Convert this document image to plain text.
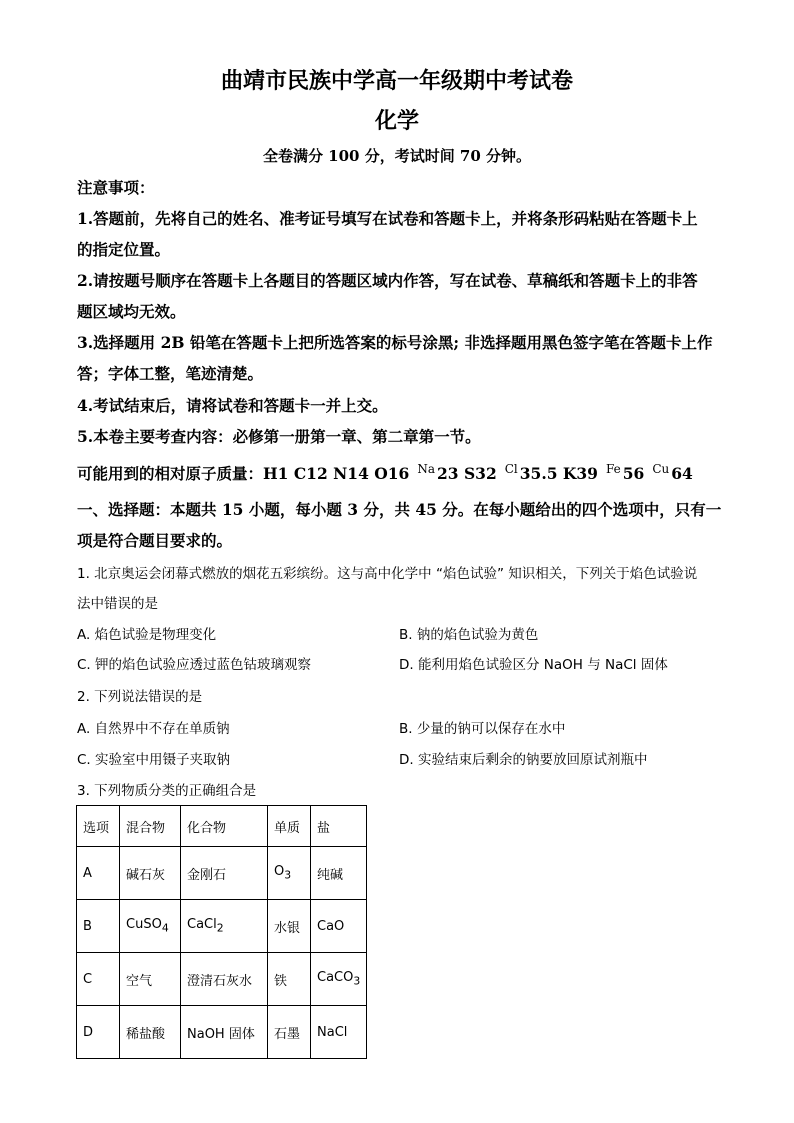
曲靖市民族中学高一年级期中考试卷
化学
全卷满分 100 分，考试时间 70 分钟。
注意事项：
1.答题前，先将自己的姓名、准考证号填写在试卷和答题卡上，并将条形码粘贴在答题卡上
的指定位置。
2.请按题号顺序在答题卡上各题目的答题区域内作答，写在试卷、草稿纸和答题卡上的非答
题区域均无效。
3.选择题用 2B 铅笔在答题卡上把所选答案的标号涂黑; 非选择题用黑色签字笔在答题卡上作
答；字体工整，笔迹清楚。
4.考试结束后，请将试卷和答题卡一并上交。
5.本卷主要考查内容：必修第一册第一章、第二章第一节。
可能用到的相对原子质量：H1 C12 N14 O16 $^{Na}$ 23 S32 $^{Cl}$ 35.5 K39 $^{Fe}$ 56 $^{Cu}$ 64
一、选择题：本题共 15 小题，每小题 3 分，共 45 分。在每小题给出的四个选项中，只有一
项是符合题目要求的。
1. 北京奥运会闭幕式燃放的烟花五彩缤纷。这与高中化学中 “焰色试验” 知识相关，下列关于焰色试验说
法中错误的是
A. 焰色试验是物理变化	B. 钠的焰色试验为黄色
C. 钾的焰色试验应透过蓝色钴玻璃观察	D. 能利用焰色试验区分 NaOH 与 NaCl 固体
2. 下列说法错误的是
A. 自然界中不存在单质钠	B. 少量的钠可以保存在水中
C. 实验室中用镊子夹取钠	D. 实验结束后剩余的钠要放回原试剂瓶中
3. 下列物质分类的正确组合是
选项	混合物	化合物	单质	盐
A	碱石灰	金刚石	$O_3$	纯碱
B	CuSO$_4$	CaCl$_2$	水银	CaO
C	空气	澄清石灰水	铁	CaCO$_3$
D	稀盐酸	NaOH 固体	石墨	NaCl
